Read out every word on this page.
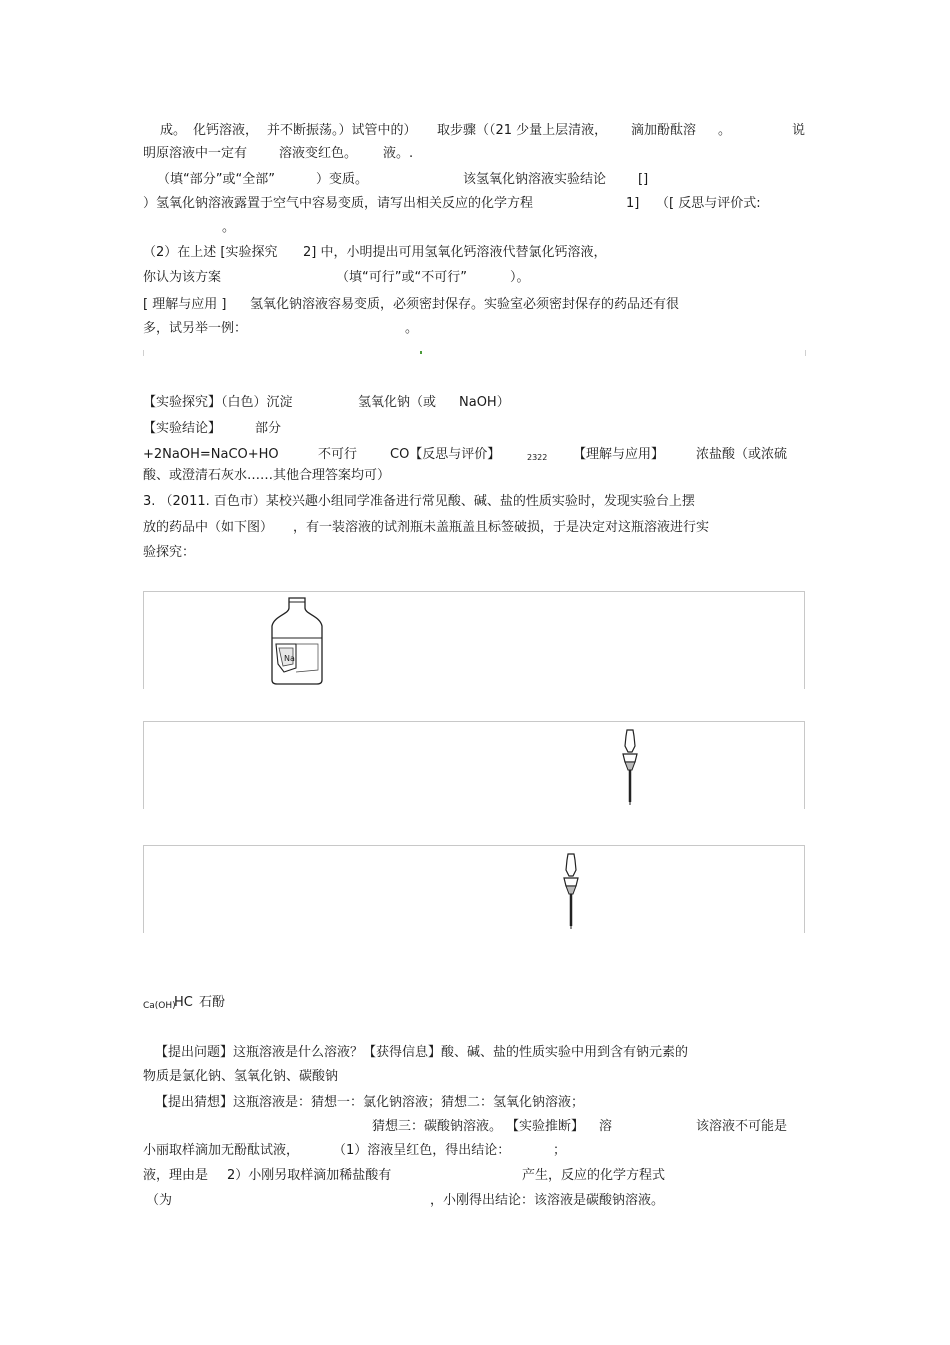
成。 化钙溶液， 并不断振荡。）试管中的） 取步骤（（21 少量上层清液， 滴加酚酞溶 。	说
明原溶液中一定有 溶液变红色。 液。.
（填“部分”或“全部”	）变质。	该氢氧化钠溶液实验结论 []
）氢氧化钠溶液露置于空气中容易变质，请写出相关反应的化学方程	1] （[ 反思与评价式:
。
（2）在上述 [实验探究 2] 中，小明提出可用氢氧化钙溶液代替氯化钙溶液，
你认为该方案	（填“可行”或“不可行”	）。
[ 理解与应用 ] 氢氧化钠溶液容易变质，必须密封保存。实验室必须密封保存的药品还有很
多，试另举一例：	。
【实验探究】（白色）沉淀	氢氧化钠（或 NaOH）
【实验结论】	部分
+2NaOH=NaCO+HO	不可行	CO【反思与评价】	2322 【理解与应用】 浓盐酸（或浓硫
酸、或澄清石灰水……其他合理答案均可）
3. （2011. 百色市）某校兴趣小组同学准备进行常见酸、碱、盐的性质实验时，发现实验台上摆
放的药品中（如下图） ，有一装溶液的试剂瓶未盖瓶盖且标签破损，于是决定对这瓶溶液进行实
验探究：
Na
Ca(OH)
HC 石酚
【提出问题】这瓶溶液是什么溶液？【获得信息】酸、碱、盐的性质实验中用到含有钠元素的
物质是氯化钠、氢氧化钠、碳酸钠
【提出猜想】这瓶溶液是：猜想一：氯化钠溶液；猜想二：氢氧化钠溶液；
猜想三：碳酸钠溶液。 【实验推断】 溶	该溶液不可能是
小丽取样滴加无酚酞试液，	（1）溶液呈红色，得出结论：	；
液，理由是 2）小刚另取样滴加稀盐酸有	产生，反应的化学方程式
（为	，小刚得出结论：该溶液是碳酸钠溶液。
